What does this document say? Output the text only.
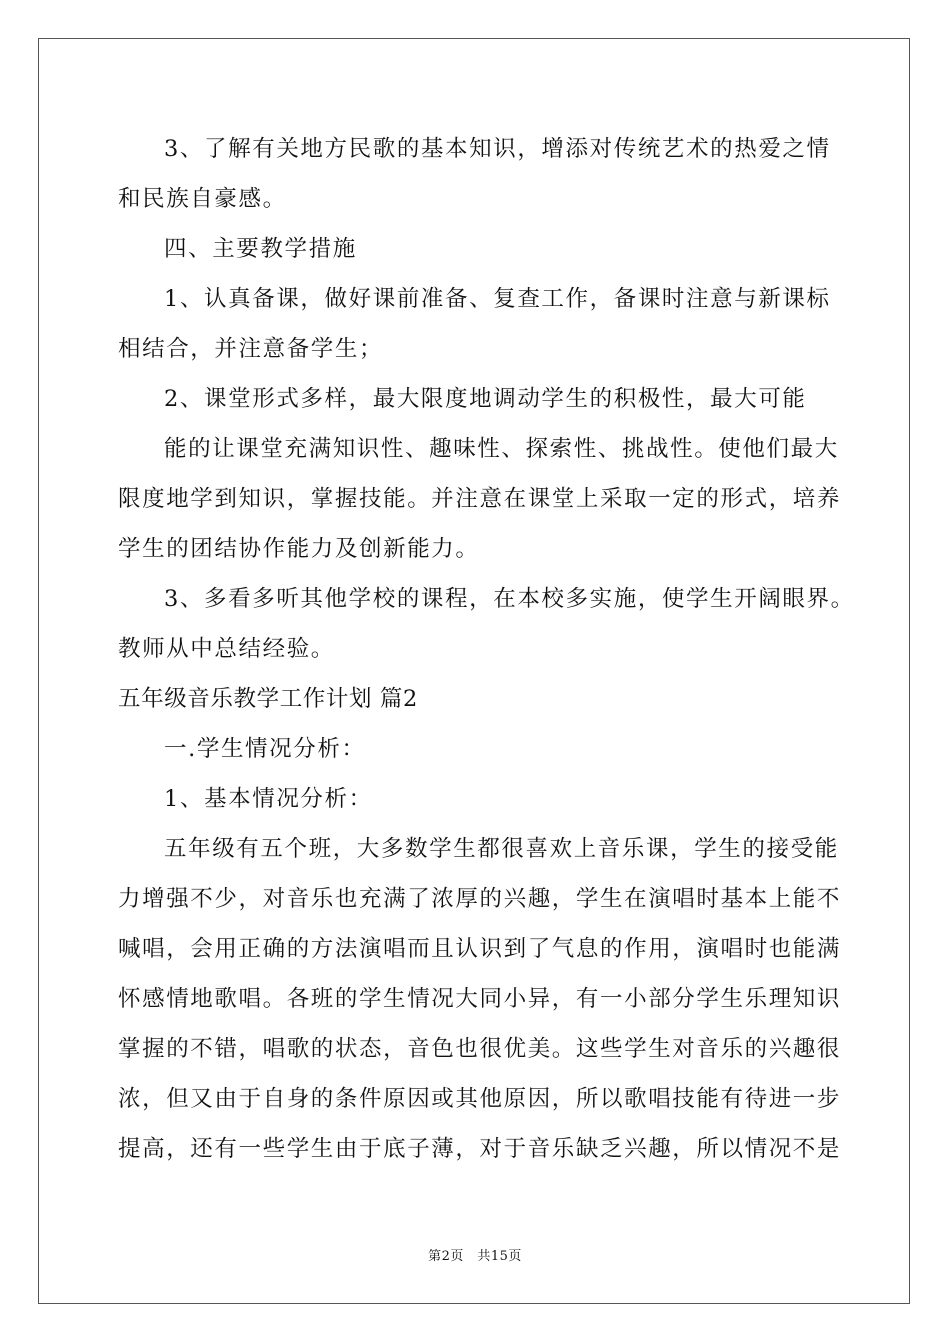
3、了解有关地方民歌的基本知识，增添对传统艺术的热爱之情
和民族自豪感。
四、主要教学措施
1、认真备课，做好课前准备、复查工作，备课时注意与新课标
相结合，并注意备学生；
2、课堂形式多样，最大限度地调动学生的积极性，最大可能
能的让课堂充满知识性、趣味性、探索性、挑战性。使他们最大
限度地学到知识，掌握技能。并注意在课堂上采取一定的形式，培养
学生的团结协作能力及创新能力。
3、多看多听其他学校的课程，在本校多实施，使学生开阔眼界。
教师从中总结经验。
五年级音乐教学工作计划 篇2
一.学生情况分析：
1、基本情况分析：
五年级有五个班，大多数学生都很喜欢上音乐课，学生的接受能
力增强不少，对音乐也充满了浓厚的兴趣，学生在演唱时基本上能不
喊唱，会用正确的方法演唱而且认识到了气息的作用，演唱时也能满
怀感情地歌唱。各班的学生情况大同小异，有一小部分学生乐理知识
掌握的不错，唱歌的状态，音色也很优美。这些学生对音乐的兴趣很
浓，但又由于自身的条件原因或其他原因，所以歌唱技能有待进一步
提高，还有一些学生由于底子薄，对于音乐缺乏兴趣，所以情况不是
第2页　共15页
